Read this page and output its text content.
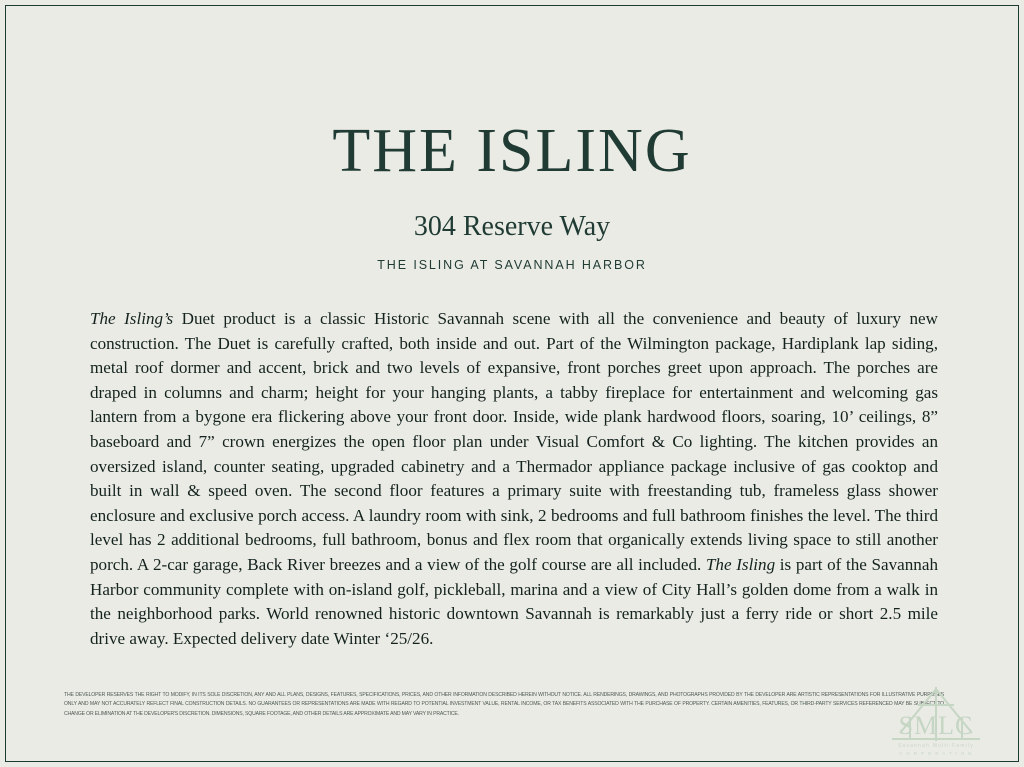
THE ISLING
304 Reserve Way
THE ISLING AT SAVANNAH HARBOR
The Isling’s Duet product is a classic Historic Savannah scene with all the convenience and beauty of luxury new construction. The Duet is carefully crafted, both inside and out. Part of the Wilmington package, Hardiplank lap siding, metal roof dormer and accent, brick and two levels of expansive, front porches greet upon approach. The porches are draped in columns and charm; height for your hanging plants, a tabby fireplace for entertainment and welcoming gas lantern from a bygone era flickering above your front door. Inside, wide plank hardwood floors, soaring, 10’ ceilings, 8” baseboard and 7” crown energizes the open floor plan under Visual Comfort & Co lighting. The kitchen provides an oversized island, counter seating, upgraded cabinetry and a Thermador appliance package inclusive of gas cooktop and built in wall & speed oven. The second floor features a primary suite with freestanding tub, frameless glass shower enclosure and exclusive porch access. A laundry room with sink, 2 bedrooms and full bathroom finishes the level. The third level has 2 additional bedrooms, full bathroom, bonus and flex room that organically extends living space to still another porch. A 2-car garage, Back River breezes and a view of the golf course are all included. The Isling is part of the Savannah Harbor community complete with on-island golf, pickleball, marina and a view of City Hall’s golden dome from a walk in the neighborhood parks. World renowned historic downtown Savannah is remarkably just a ferry ride or short 2.5 mile drive away. Expected delivery date Winter ‘25/26.
THE DEVELOPER RESERVES THE RIGHT TO MODIFY, IN ITS SOLE DISCRETION, ANY AND ALL PLANS, DESIGNS, FEATURES, SPECIFICATIONS, PRICES, AND OTHER INFORMATION DESCRIBED HEREIN WITHOUT NOTICE. ALL RENDERINGS, DRAWINGS, AND PHOTOGRAPHS PROVIDED BY THE DEVELOPER ARE ARTISTIC REPRESENTATIONS FOR ILLUSTRATIVE PURPOSES ONLY AND MAY NOT ACCURATELY REFLECT FINAL CONSTRUCTION DETAILS. NO GUARANTEES OR REPRESENTATIONS ARE MADE WITH REGARD TO POTENTIAL INVESTMENT VALUE, RENTAL INCOME, OR TAX BENEFITS ASSOCIATED WITH THE PURCHASE OF PROPERTY. CERTAIN AMENITIES, FEATURES, OR THIRD-PARTY SERVICES REFERENCED MAY BE SUBJECT TO CHANGE OR ELIMINATION AT THE DEVELOPER'S DISCRETION. DIMENSIONS, SQUARE FOOTAGE, AND OTHER DETAILS ARE APPROXIMATE AND MAY VARY IN PRACTICE.	SMLC
Savannah Multi-Family
C O R P O R A T I O N
